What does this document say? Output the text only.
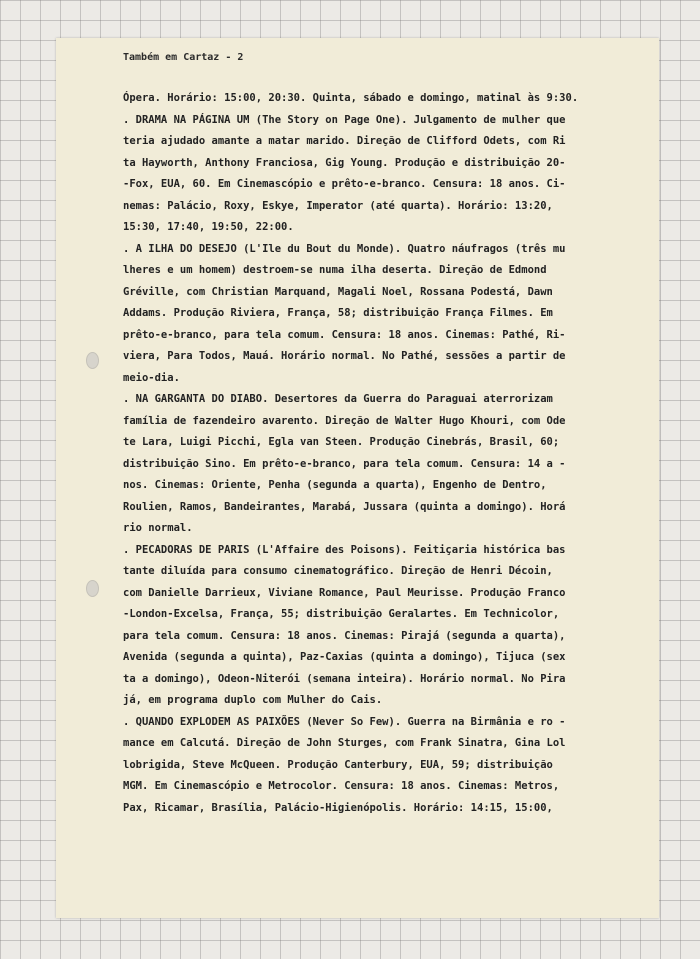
Também em Cartaz - 2
Ópera. Horário: 15:00, 20:30. Quinta, sábado e domingo, matinal às 9:30.
. DRAMA NA PÁGINA UM (The Story on Page One). Julgamento de mulher que
teria ajudado amante a matar marido. Direção de Clifford Odets, com Ri
ta Hayworth, Anthony Franciosa, Gig Young. Produção e distribuição 20-
-Fox, EUA, 60. Em Cinemascópio e prêto-e-branco. Censura: 18 anos. Ci-
nemas: Palácio, Roxy, Eskye, Imperator (até quarta). Horário: 13:20,
15:30, 17:40, 19:50, 22:00.
. A ILHA DO DESEJO (L'Ile du Bout du Monde). Quatro náufragos (três mu
lheres e um homem) destroem-se numa ilha deserta. Direção de Edmond
Gréville, com Christian Marquand, Magali Noel, Rossana Podestá, Dawn
Addams. Produção Riviera, França, 58; distribuição França Filmes. Em
prêto-e-branco, para tela comum. Censura: 18 anos. Cinemas: Pathé, Ri-
viera, Para Todos, Mauá. Horário normal. No Pathé, sessões a partir de
meio-dia.
. NA GARGANTA DO DIABO. Desertores da Guerra do Paraguai aterrorizam
família de fazendeiro avarento. Direção de Walter Hugo Khouri, com Ode
te Lara, Luigi Picchi, Egla van Steen. Produção Cinebrás, Brasil, 60;
distribuição Sino. Em prêto-e-branco, para tela comum. Censura: 14 a -
nos. Cinemas: Oriente, Penha (segunda a quarta), Engenho de Dentro,
Roulien, Ramos, Bandeirantes, Marabá, Jussara (quinta a domingo). Horá
rio normal.
. PECADORAS DE PARIS (L'Affaire des Poisons). Feitiçaria histórica bas
tante diluída para consumo cinematográfico. Direção de Henri Décoin,
com Danielle Darrieux, Viviane Romance, Paul Meurisse. Produção Franco
-London-Excelsa, França, 55; distribuição Geralartes. Em Technicolor,
para tela comum. Censura: 18 anos. Cinemas: Pirajá (segunda a quarta),
Avenida (segunda a quinta), Paz-Caxias (quinta a domingo), Tijuca (sex
ta a domingo), Odeon-Niterói (semana inteira). Horário normal. No Pira
já, em programa duplo com Mulher do Cais.
. QUANDO EXPLODEM AS PAIXÕES (Never So Few). Guerra na Birmânia e ro -
mance em Calcutá. Direção de John Sturges, com Frank Sinatra, Gina Lol
lobrigida, Steve McQueen. Produção Canterbury, EUA, 59; distribuição
MGM. Em Cinemascópio e Metrocolor. Censura: 18 anos. Cinemas: Metros,
Pax, Ricamar, Brasília, Palácio-Higienópolis. Horário: 14:15, 15:00,
